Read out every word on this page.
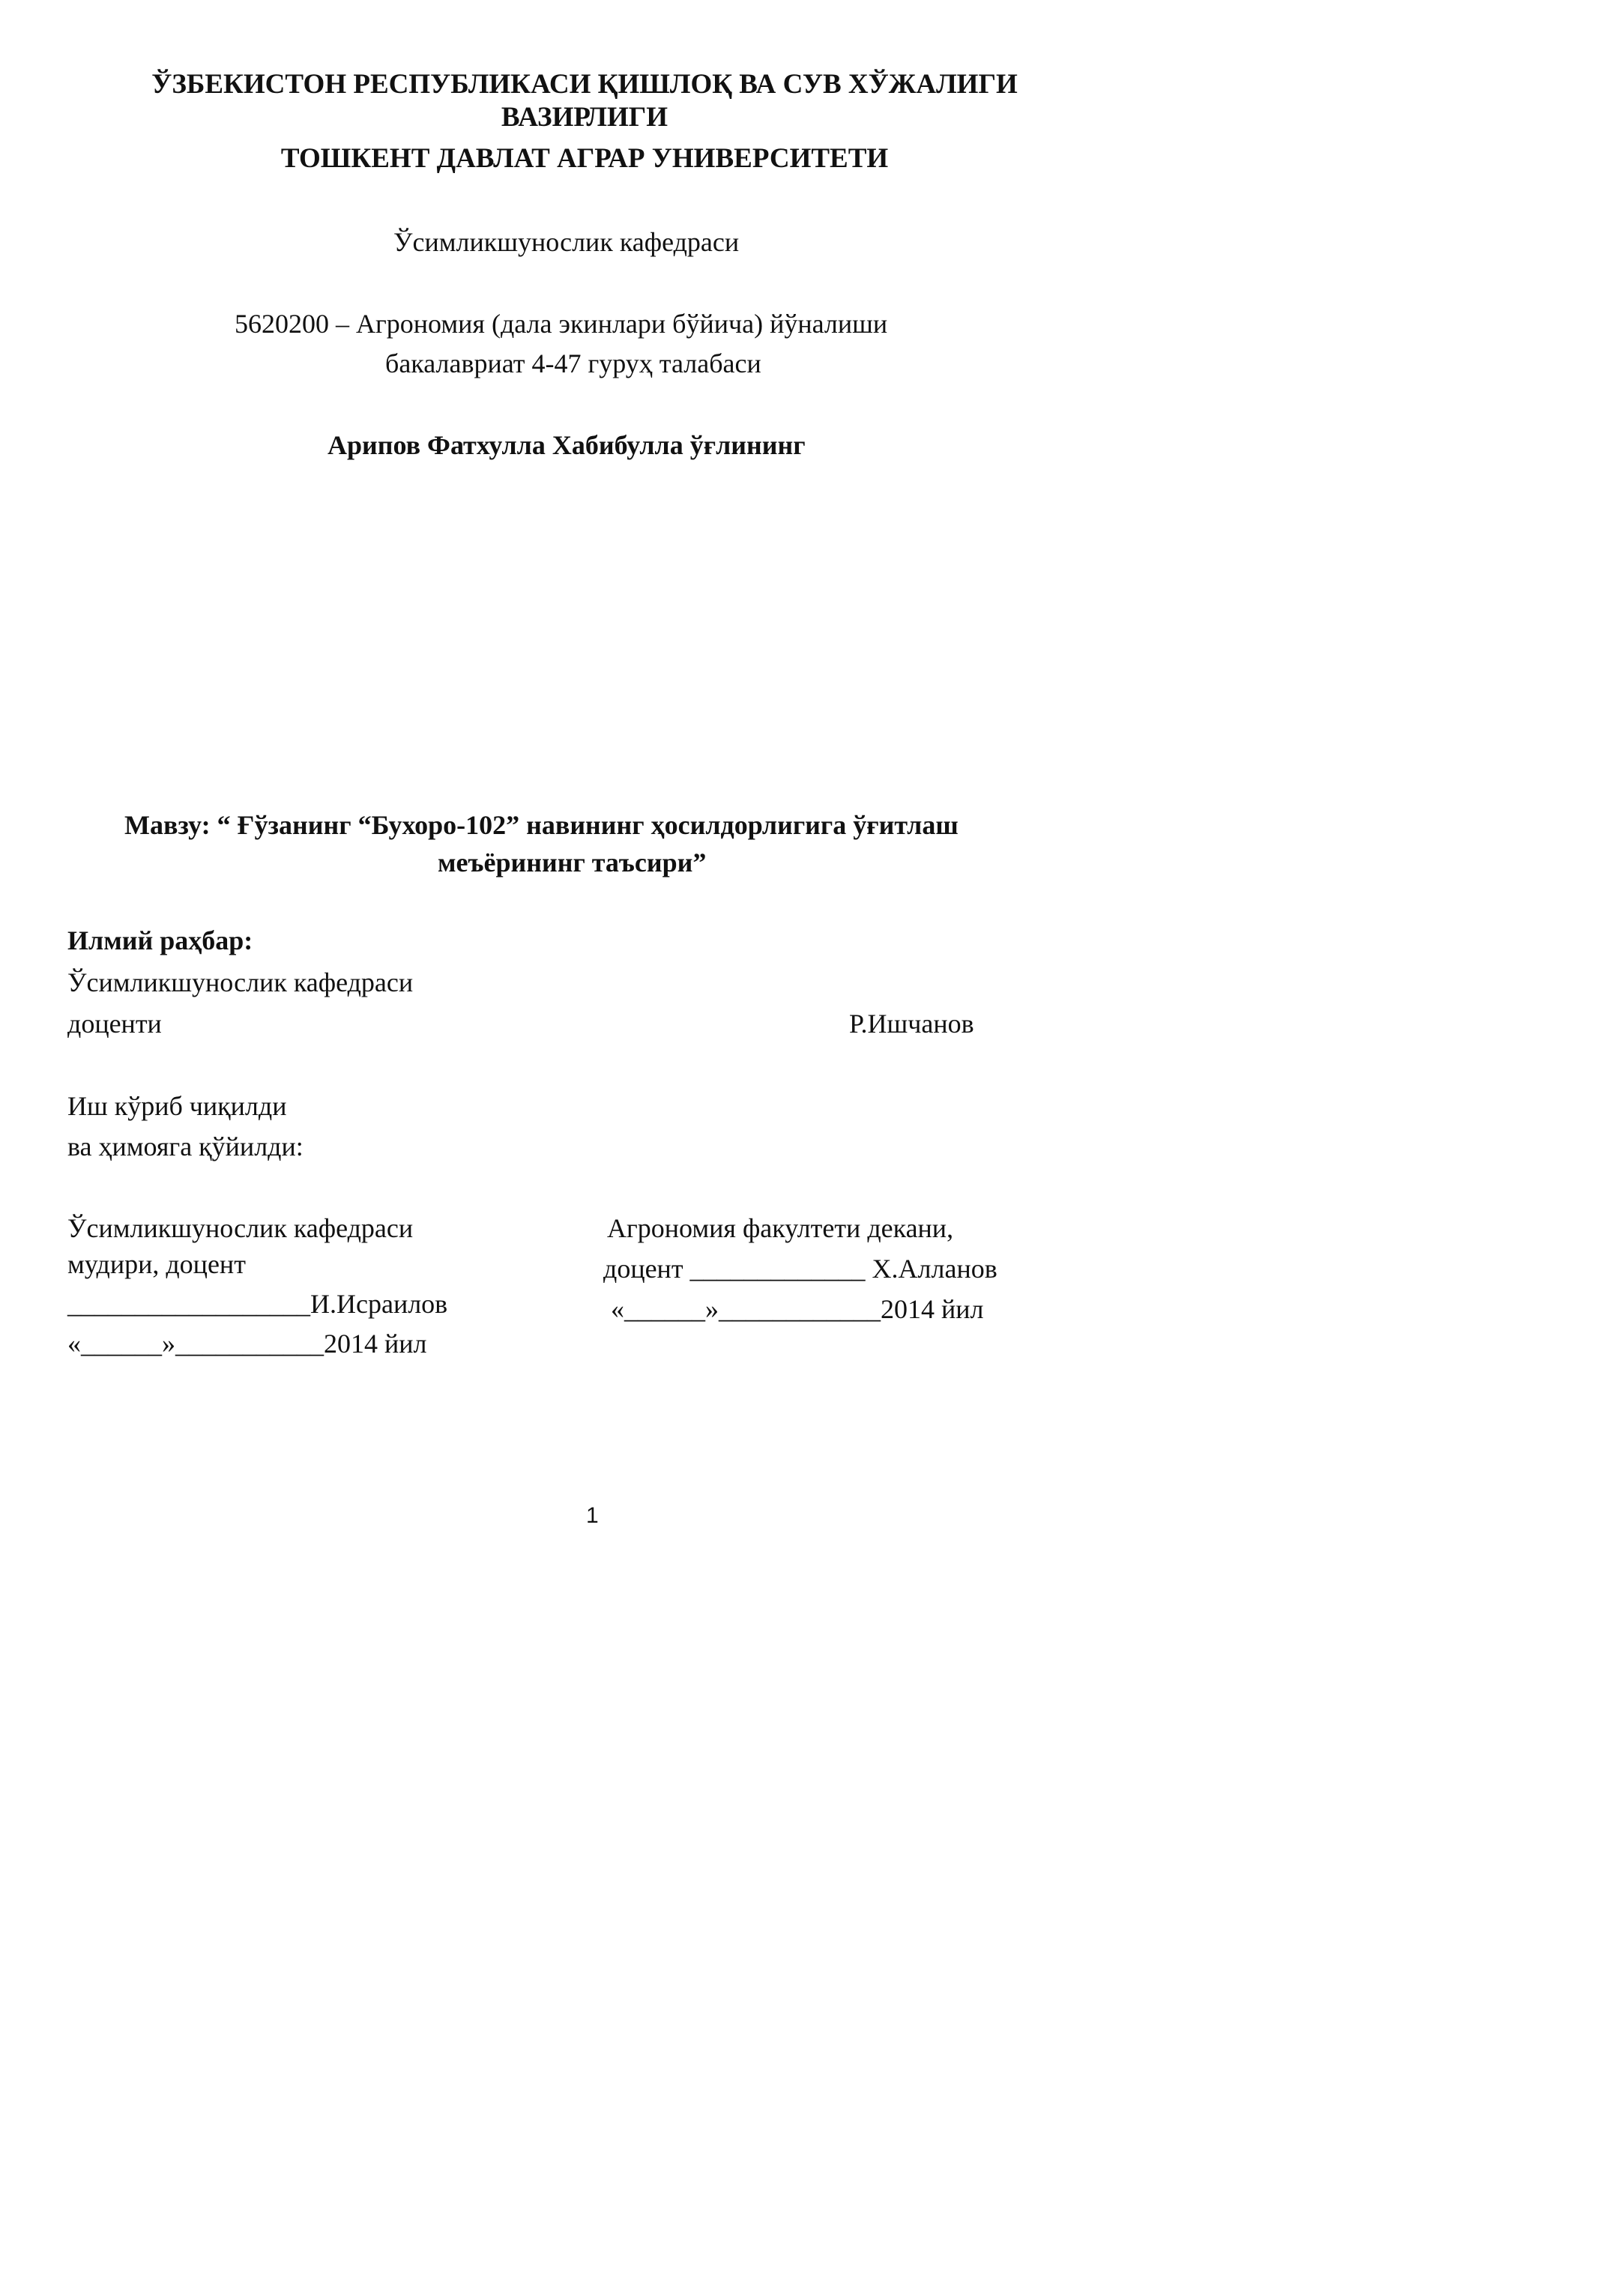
ЎЗБЕКИСТОН РЕСПУБЛИКАСИ ҚИШЛОҚ ВА СУВ ХЎЖАЛИГИ
ВАЗИРЛИГИ
ТОШКЕНТ ДАВЛАТ АГРАР УНИВЕРСИТЕТИ
Ўсимликшунослик кафедраси
5620200 – Агрономия (дала экинлари бўйича) йўналиши
бакалавриат 4-47 гуруҳ талабаси
Арипов Фатхулла Хабибулла ўғлининг
Мавзу: “ Ғўзанинг “Бухоро-102” навининг ҳосилдорлигига ўғитлаш
меъёрининг таъсири”
Илмий раҳбар:
Ўсимликшунослик кафедраси
доценти	Р.Ишчанов
Иш кўриб чиқилди
ва ҳимояга қўйилди:
Ўсимликшунослик кафедраси
мудири, доцент
__________________И.Исраилов
«______»___________2014 йил
Агрономия факултети декани,
доцент _____________ Х.Алланов
«______»____________2014 йил
1
